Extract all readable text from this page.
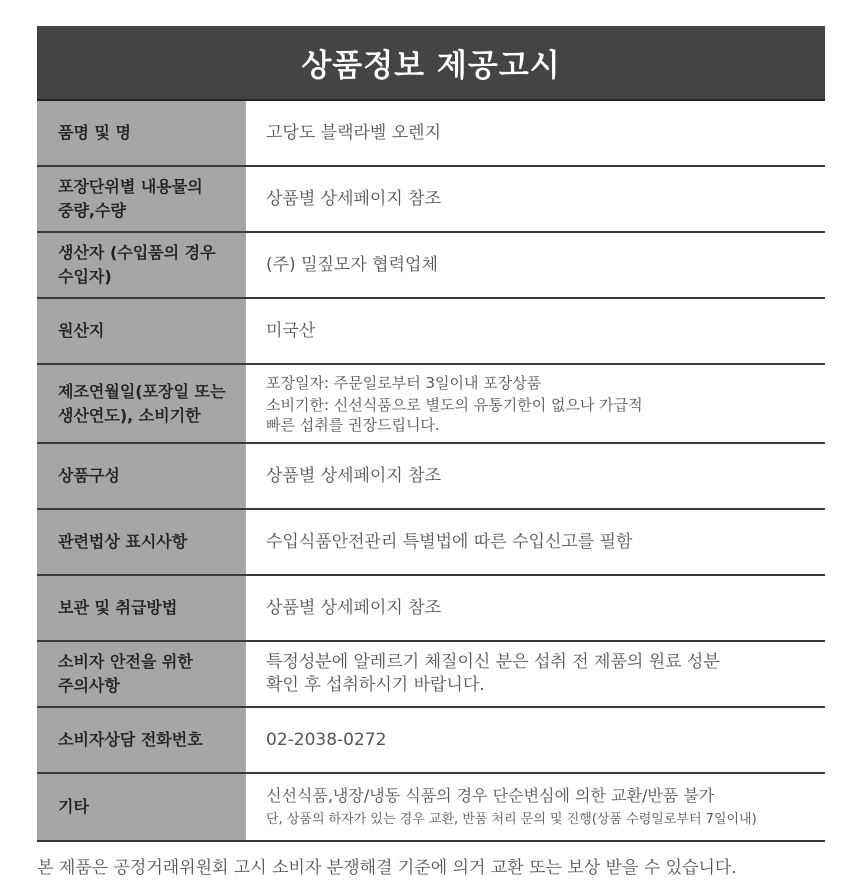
상품정보 제공고시
품명 및 명	고당도 블랙라벨 오렌지

포장단위별 내용물의
중량,수량	상품별 상세페이지 참조

생산자 (수입품의 경우
수입자)	(주) 밀짚모자 협력업체

원산지	미국산

제조연월일(포장일 또는
생산연도), 소비기한	포장일자: 주문일로부터 3일이내 포장상품
소비기한: 신선식품으로 별도의 유통기한이 없으나 가급적
빠른 섭취를 권장드립니다.

상품구성	상품별 상세페이지 참조

관련법상 표시사항	수입식품안전관리 특별법에 따른 수입신고를 필함

보관 및 취급방법	상품별 상세페이지 참조

소비자 안전을 위한
주의사항	특정성분에 알레르기 체질이신 분은 섭취 전 제품의 원료 성분
확인 후 섭취하시기 바랍니다.

소비자상담 전화번호	02-2038-0272

기타	신선식품,냉장/냉동 식품의 경우 단순변심에 의한 교환/반품 불가
단, 상품의 하자가 있는 경우 교환, 반품 처리 문의 및 진행(상품 수령일로부터 7일이내)
본 제품은 공정거래위원회 고시 소비자 분쟁해결 기준에 의거 교환 또는 보상 받을 수 있습니다.
